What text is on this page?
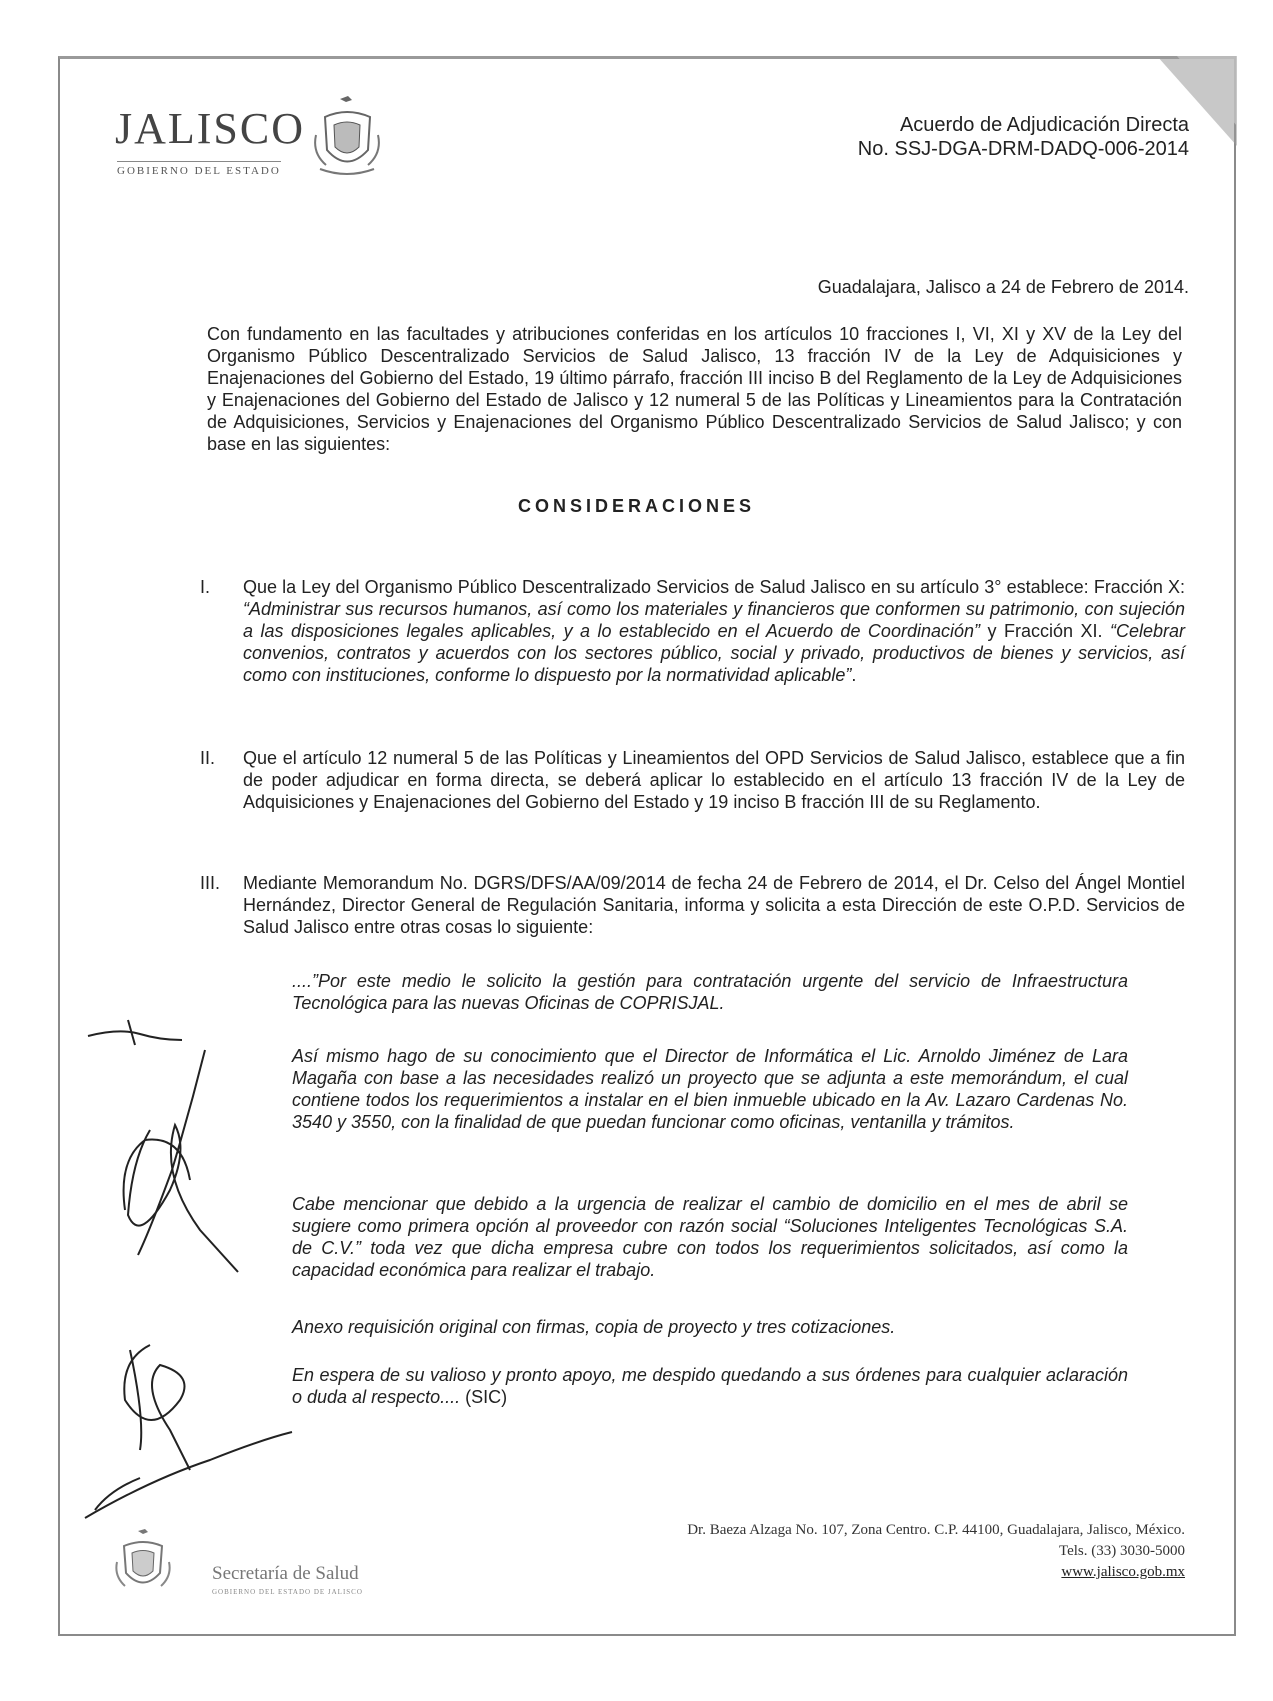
JALISCO
GOBIERNO DEL ESTADO
Acuerdo de Adjudicación Directa
No. SSJ-DGA-DRM-DADQ-006-2014
Guadalajara, Jalisco a 24 de Febrero de 2014.
Con fundamento en las facultades y atribuciones conferidas en los artículos 10 fracciones I, VI, XI y XV de la Ley del Organismo Público Descentralizado Servicios de Salud Jalisco, 13 fracción IV de la Ley de Adquisiciones y Enajenaciones del Gobierno del Estado, 19 último párrafo, fracción III inciso B del Reglamento de la Ley de Adquisiciones y Enajenaciones del Gobierno del Estado de Jalisco y 12 numeral 5 de las Políticas y Lineamientos para la Contratación de Adquisiciones, Servicios y Enajenaciones del Organismo Público Descentralizado Servicios de Salud Jalisco; y con base en las siguientes:
CONSIDERACIONES
I.	Que la Ley del Organismo Público Descentralizado Servicios de Salud Jalisco en su artículo 3° establece: Fracción X: “Administrar sus recursos humanos, así como los materiales y financieros que conformen su patrimonio, con sujeción a las disposiciones legales aplicables, y a lo establecido en el Acuerdo de Coordinación” y Fracción XI. “Celebrar convenios, contratos y acuerdos con los sectores público, social y privado, productivos de bienes y servicios, así como con instituciones, conforme lo dispuesto por la normatividad aplicable”.
II.	Que el artículo 12 numeral 5 de las Políticas y Lineamientos del OPD Servicios de Salud Jalisco, establece que a fin de poder adjudicar en forma directa, se deberá aplicar lo establecido en el artículo 13 fracción IV de la Ley de Adquisiciones y Enajenaciones del Gobierno del Estado y 19 inciso B fracción III de su Reglamento.
III.	Mediante Memorandum No. DGRS/DFS/AA/09/2014 de fecha 24 de Febrero de 2014, el Dr. Celso del Ángel Montiel Hernández, Director General de Regulación Sanitaria, informa y solicita a esta Dirección de este O.P.D. Servicios de Salud Jalisco entre otras cosas lo siguiente:
....”Por este medio le solicito la gestión para contratación urgente del servicio de Infraestructura Tecnológica para las nuevas Oficinas de COPRISJAL.
Así mismo hago de su conocimiento que el Director de Informática el Lic. Arnoldo Jiménez de Lara Magaña con base a las necesidades realizó un proyecto que se adjunta a este memorándum, el cual contiene todos los requerimientos a instalar en el bien inmueble ubicado en la Av. Lazaro Cardenas No. 3540 y 3550, con la finalidad de que puedan funcionar como oficinas, ventanilla y trámitos.
Cabe mencionar que debido a la urgencia de realizar el cambio de domicilio en el mes de abril se sugiere como primera opción al proveedor con razón social “Soluciones Inteligentes Tecnológicas S.A. de C.V.” toda vez que dicha empresa cubre con todos los requerimientos solicitados, así como la capacidad económica para realizar el trabajo.
Anexo requisición original con firmas, copia de proyecto y tres cotizaciones.
En espera de su valioso y pronto apoyo, me despido quedando a sus órdenes para cualquier aclaración o duda al respecto.... (SIC)
Secretaría de Salud
GOBIERNO DEL ESTADO DE JALISCO
Dr. Baeza Alzaga No. 107, Zona Centro. C.P. 44100, Guadalajara, Jalisco, México.
Tels. (33) 3030-5000
www.jalisco.gob.mx
